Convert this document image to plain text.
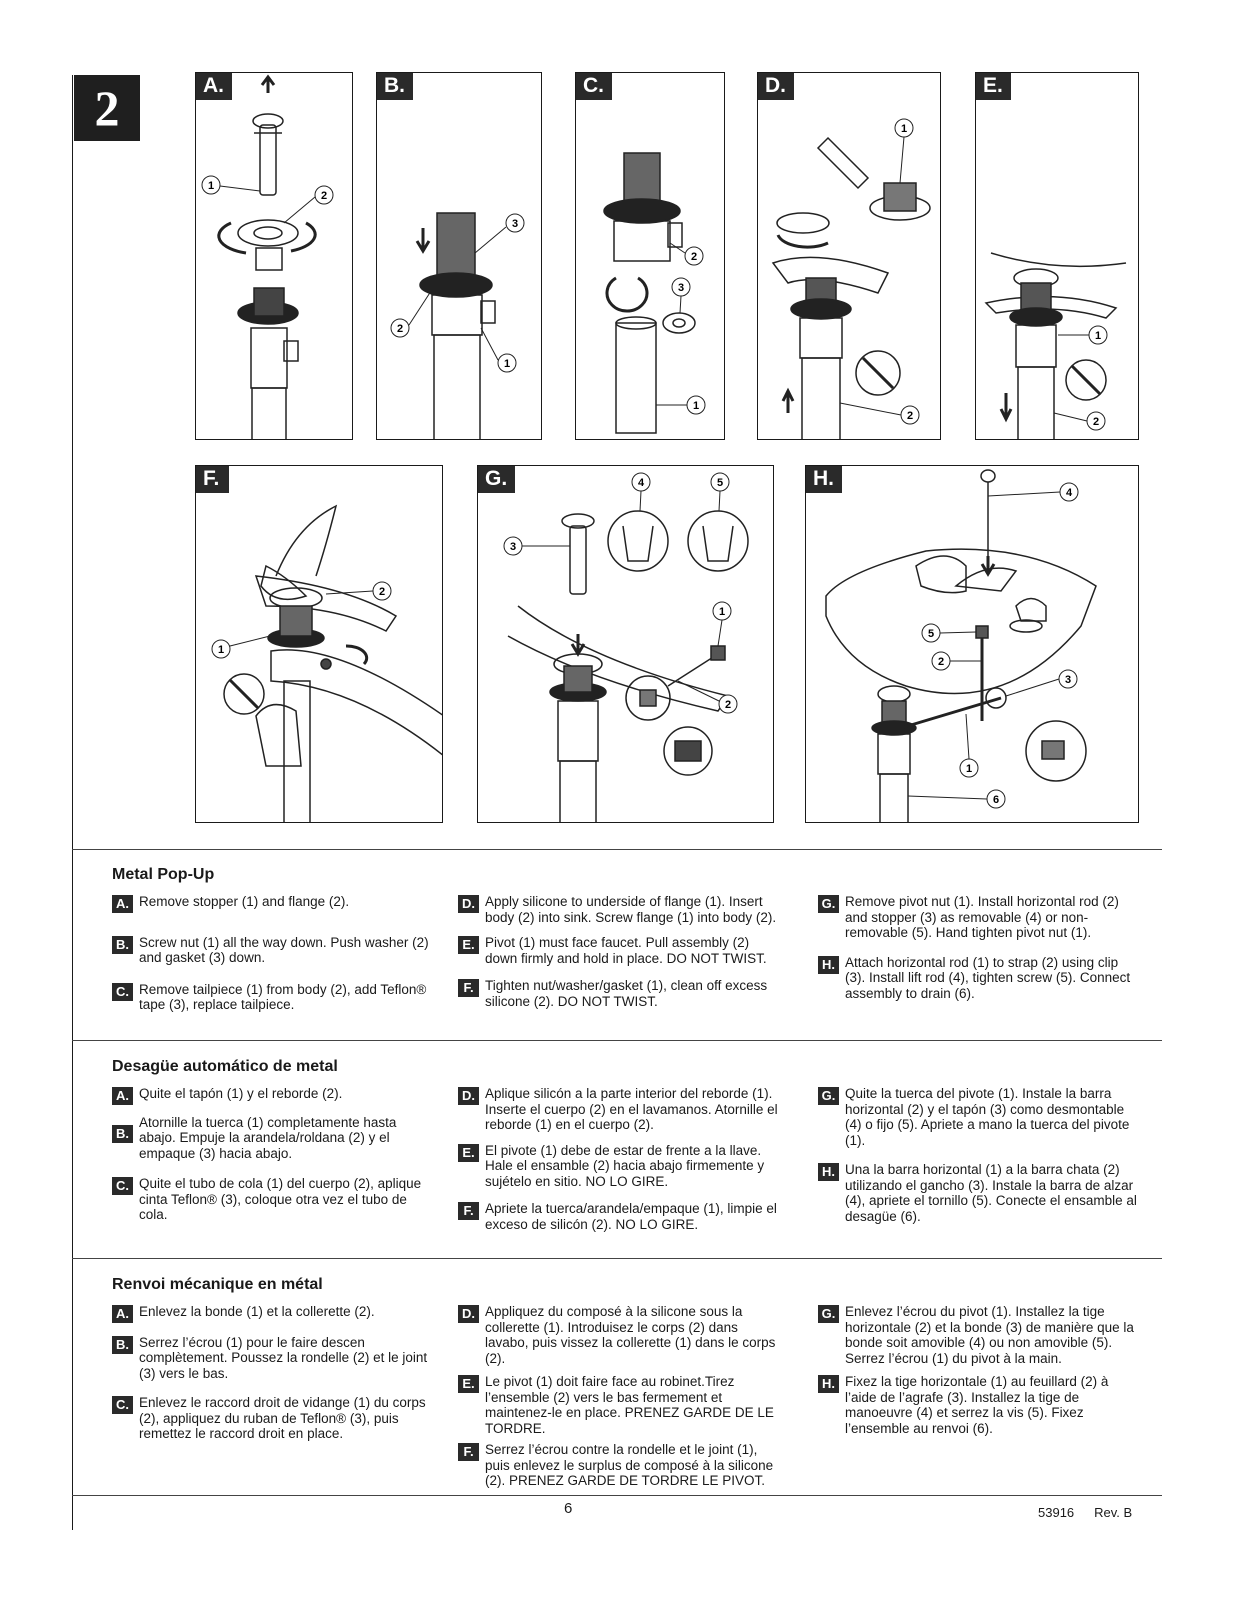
2
1
2
A.
3
2
1
B.
2
3
1
C.
1
2
D.
1
2
E.
2
1
F.	4	5
3
1
2
G.
4
5
2
3
1
6
H.
Metal Pop-Up
A. Remove stopper (1) and flange (2).
B. Screw nut (1) all the way down. Push washer (2) and gasket (3) down.
C. Remove tailpiece (1) from body (2), add Teflon® tape (3), replace tailpiece.
D. Apply silicone to underside of flange (1). Insert body (2) into sink. Screw flange (1) into body (2).
E. Pivot (1) must face faucet. Pull assembly (2) down firmly and hold in place. DO NOT TWIST.
F. Tighten nut/washer/gasket (1), clean off excess silicone (2). DO NOT TWIST.
G. Remove pivot nut (1). Install horizontal rod (2) and stopper (3) as removable (4) or non-removable (5). Hand tighten pivot nut (1).
H. Attach horizontal rod (1) to strap (2) using clip (3). Install lift rod (4), tighten screw (5). Connect assembly to drain (6).
Desagüe automático de metal
A. Quite el tapón (1) y el reborde (2).
B.
Atornille la tuerca (1) completamente hasta abajo. Empuje la arandela/roldana (2) y el empaque (3) hacia abajo.
C. Quite el tubo de cola (1) del cuerpo (2), aplique cinta Teflon® (3), coloque otra vez el tubo de cola.
D. Aplique silicón a la parte interior del reborde (1). Inserte el cuerpo (2) en el lavamanos. Atornille el reborde (1) en el cuerpo (2).
E. El pivote (1) debe de estar de frente a la llave. Hale el ensamble (2) hacia abajo firmemente y sujételo en sitio. NO LO GIRE.
F. Apriete la tuerca/arandela/empaque (1), limpie el exceso de silicón (2). NO LO GIRE.
G. Quite la tuerca del pivote (1). Instale la barra horizontal (2) y el tapón (3) como desmontable (4) o fijo (5). Apriete a mano la tuerca del pivote (1).
H. Una la barra horizontal (1) a la barra chata (2) utilizando el gancho (3). Instale la barra de alzar (4), apriete el tornillo (5). Conecte el ensamble al desagüe (6).
Renvoi mécanique en métal
A. Enlevez la bonde (1) et la collerette (2).
B. Serrez l’écrou (1) pour le faire descen complètement. Poussez la rondelle (2) et le joint (3) vers le bas.
C. Enlevez le raccord droit de vidange (1) du corps (2), appliquez du ruban de Teflon® (3), puis remettez le raccord droit en place.
D. Appliquez du composé à la silicone sous la collerette (1). Introduisez le corps (2) dans lavabo, puis vissez la collerette (1) dans le corps (2).
E. Le pivot (1) doit faire face au robinet.Tirez l’ensemble (2) vers le bas fermement et maintenez-le en place. PRENEZ GARDE DE LE TORDRE.
F. Serrez l’écrou contre la rondelle et le joint (1), puis enlevez le surplus de composé à la silicone (2). PRENEZ GARDE DE TORDRE LE PIVOT.
G. Enlevez l’écrou du pivot (1). Installez la tige horizontale (2) et la bonde (3) de manière que la bonde soit amovible (4) ou non amovible (5). Serrez l’écrou (1) du pivot à la main.
H. Fixez la tige horizontale (1) au feuillard (2) à l’aide de l’agrafe (3). Installez la tige de manoeuvre (4) et serrez la vis (5). Fixez l’ensemble au renvoi (6).
6	53916 Rev. B
